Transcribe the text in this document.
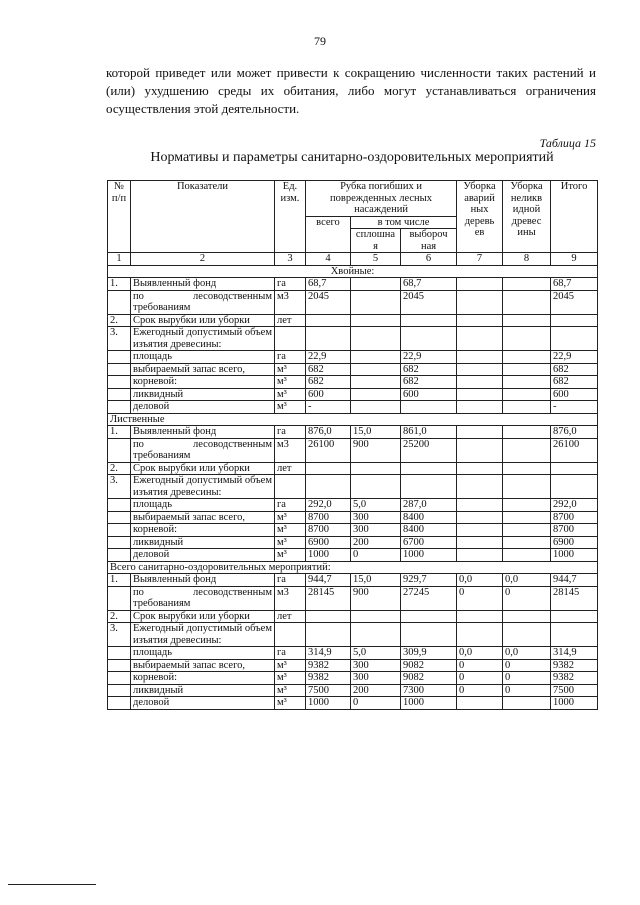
79

которой приведет или может привести к сокращению численности таких растений и (или) ухудшению среды их обитания, либо могут устанавливаться ограничения осуществления этой деятельности.

Таблица 15
Нормативы и параметры санитарно-оздоровительных мероприятий
№ п/п	Показатели	Ед. изм.	Рубка погибших и поврежденных лесных насаждений			Уборка аварий ных деревь ев	Уборка неликв идной древес ины	Итого
			всего	в том числе				
				сплошна я	выбороч ная			
1	2	3	4	5	6	7	8	9
Хвойные:								
1.	Выявленный фонд	га	68,7		68,7			68,7
	по лесоводственным требованиям	м3	2045		2045			2045
2.	Срок вырубки или уборки	лет						
3.	Ежегодный допустимый объем изъятия древесины:							
	площадь	га	22,9		22,9			22,9
	выбираемый запас всего,	м³	682		682			682
	корневой:	м³	682		682			682
	ликвидный	м³	600		600			600
	деловой	м³	-					-
Лиственные								
1.	Выявленный фонд	га	876,0	15,0	861,0			876,0
	по лесоводственным требованиям	м3	26100	900	25200			26100
2.	Срок вырубки или уборки	лет						
3.	Ежегодный допустимый объем изъятия древесины:							
	площадь	га	292,0	5,0	287,0			292,0
	выбираемый запас всего,	м³	8700	300	8400			8700
	корневой:	м³	8700	300	8400			8700
	ликвидный	м³	6900	200	6700			6900
	деловой	м³	1000	0	1000			1000
Всего санитарно-оздоровительных мероприятий:								
1.	Выявленный фонд	га	944,7	15,0	929,7	0,0	0,0	944,7
	по лесоводственным требованиям	м3	28145	900	27245	0	0	28145
2.	Срок вырубки или уборки	лет						
3.	Ежегодный допустимый объем изъятия древесины:							
	площадь	га	314,9	5,0	309,9	0,0	0,0	314,9
	выбираемый запас всего,	м³	9382	300	9082	0	0	9382
	корневой:	м³	9382	300	9082	0	0	9382
	ликвидный	м³	7500	200	7300	0	0	7500
	деловой	м³	1000	0	1000			1000
